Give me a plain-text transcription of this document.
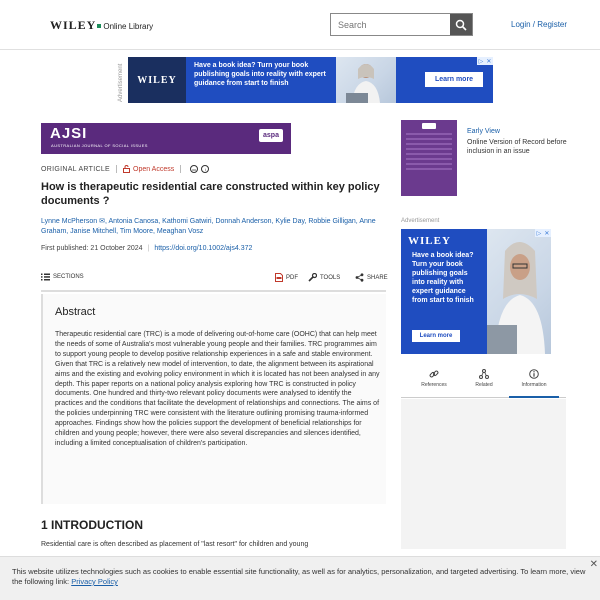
WILEY Online Library
Search	Login / Register
Advertisement	WILEY
Have a book idea? Turn your book publishing goals into reality with expert guidance from start to finish
Learn more
▷ ✕
AJSI
AUSTRALIAN JOURNAL OF SOCIAL ISSUES
aspa
ORIGINAL ARTICLE	Open Access	cc	i
How is therapeutic residential care constructed within key policy documents ?
Lynne McPherson ✉, Antonia Canosa, Kathomi Gatwiri, Donnah Anderson, Kylie Day, Robbie Gilligan, Anne Graham, Janise Mitchell, Tim Moore, Meaghan Vosz
First published: 21 October 2024 | https://doi.org/10.1002/ajs4.372
SECTIONS	PDF	TOOLS	SHARE
Abstract
Therapeutic residential care (TRC) is a mode of delivering out-of-home care (OOHC) that can help meet the needs of some of Australia's most vulnerable young people and their families. TRC programmes aim to support young people to develop positive relationship experiences in a safe and stable environment. Given that TRC is a relatively new model of intervention, to date, the alignment between its aspirational aims and the existing and evolving policy environment in which it is located has not been analysed in any depth. This paper reports on a national policy analysis exploring how TRC is constructed in policy documents. One hundred and thirty-two relevant policy documents were analysed to identify the practices and the conditions that facilitate the development of relationships and connections. The aims of the policies underpinning TRC were consistent with the literature outlining promising trauma-informed approaches. Findings show how the policies support the development of beneficial relationships for children and young people; however, there were also several discrepancies and silences identified, including a limited conceptualisation of children's participation.
1 INTRODUCTION
Residential care is often described as placement of "last resort" for children and young
Early View
Online Version of Record before inclusion in an issue
Advertisement
WILEY
Have a book idea? Turn your book publishing goals into reality with expert guidance from start to finish
Learn more
▷ ✕
References	Related	Information
This website utilizes technologies such as cookies to enable essential site functionality, as well as for analytics, personalization, and targeted advertising. To learn more, view the following link: Privacy Policy
✕
